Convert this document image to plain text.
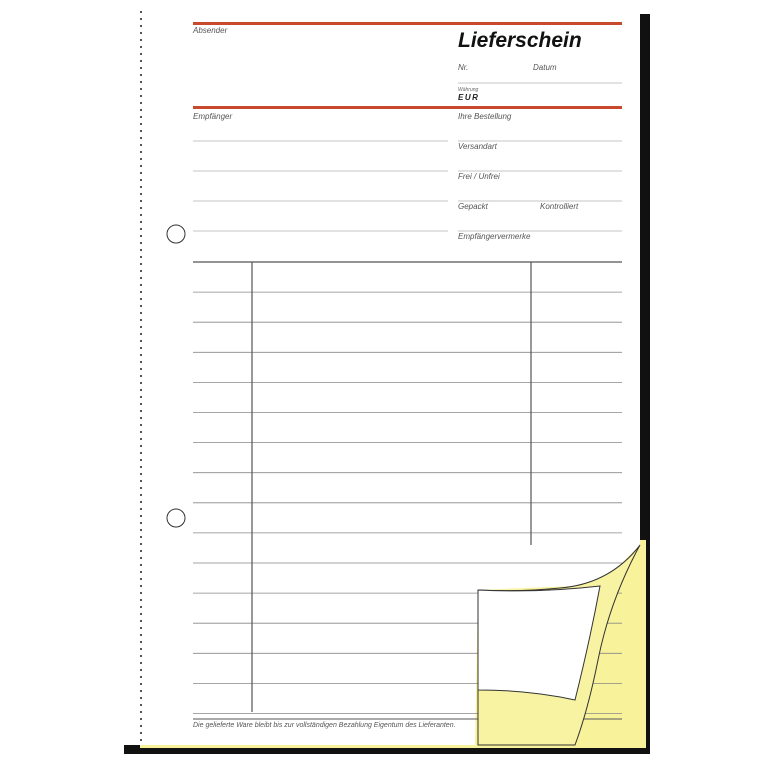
Absender	Lieferschein
Nr.	Datum
Währung
EUR
Empfänger	Ihre Bestellung
Versandart
Frei / Unfrei
Gepackt	Kontrolliert
Empfängervermerke
Die gelieferte Ware bleibt bis zur vollständigen Bezahlung Eigentum des Lieferanten.
